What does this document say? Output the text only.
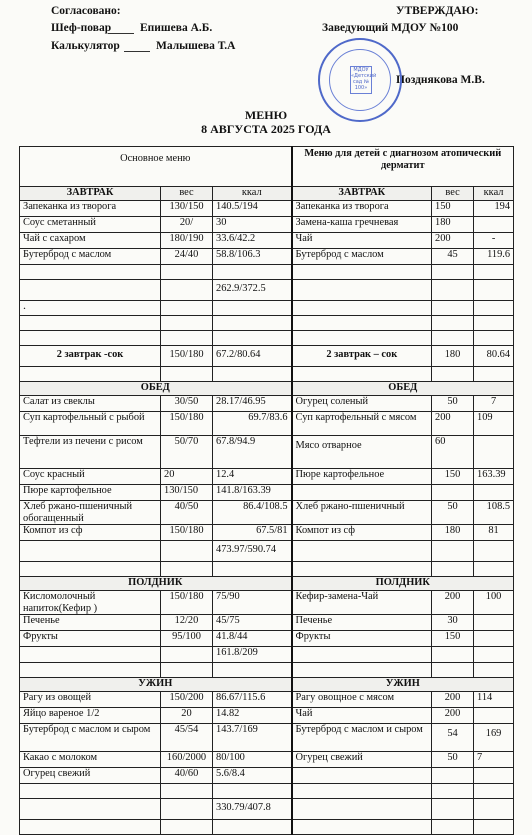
Согласовано:
Шеф-повар	Епишева А.Б.
Калькулятор	Малышева Т.А
УТВЕРЖДАЮ:
Заведующий МДОУ №100
Позднякова М.В.
МДОУ «Детский сад № 100»
МЕНЮ
8 АВГУСТА 2025 ГОДА
Основное меню			Меню для детей с диагнозом атопический дерматит		
ЗАВТРАК	вес	ккал	ЗАВТРАК	вес	ккал
Запеканка из творога	130/150	140.5/194	Запеканка из творога	150	194
Соус сметанный	20/	30	Замена-каша гречневая	180	
Чай с сахаром	180/190	33.6/42.2	Чай	200	-
Бутерброд с маслом	24/40	58.8/106.3	Бутерброд с маслом	45	119.6

		262.9/372.5			
.					

2 завтрак -сок	150/180	67.2/80.64	2 завтрак – сок	180	80.64

ОБЕД			ОБЕД		
Салат из свеклы	30/50	28.17/46.95	Огурец соленый	50	7
Суп картофельный с рыбой	150/180	69.7/83.6	Суп картофельный с мясом	200	109
Тефтели из печени с рисом	50/70	67.8/94.9	Мясо отварное	60	
Соус красный	20	12.4	Пюре картофельное	150	163.39
Пюре картофельное	130/150	141.8/163.39			
Хлеб ржано-пшеничный обогащенный	40/50	86.4/108.5	Хлеб ржано-пшеничный	50	108.5
Компот из сф	150/180	67.5/81	Компот из сф	180	81
		473.97/590.74			

ПОЛДНИК			ПОЛДНИК		
Кисломолочный напиток(Кефир )	150/180	75/90	Кефир-замена-Чай	200	100
Печенье	12/20	45/75	Печенье	30	
Фрукты	95/100	41.8/44	Фрукты	150	
		161.8/209			

УЖИН			УЖИН		
Рагу из овощей	150/200	86.67/115.6	Рагу овощное с мясом	200	114
Яйцо вареное 1/2	20	14.82	Чай	200	
Бутерброд с маслом и сыром	45/54	143.7/169	Бутерброд с маслом и сыром	54	169
Какао с молоком	160/2000	80/100	Огурец свежий	50	7
Огурец свежий	40/60	5.6/8.4			

		330.79/407.8			
